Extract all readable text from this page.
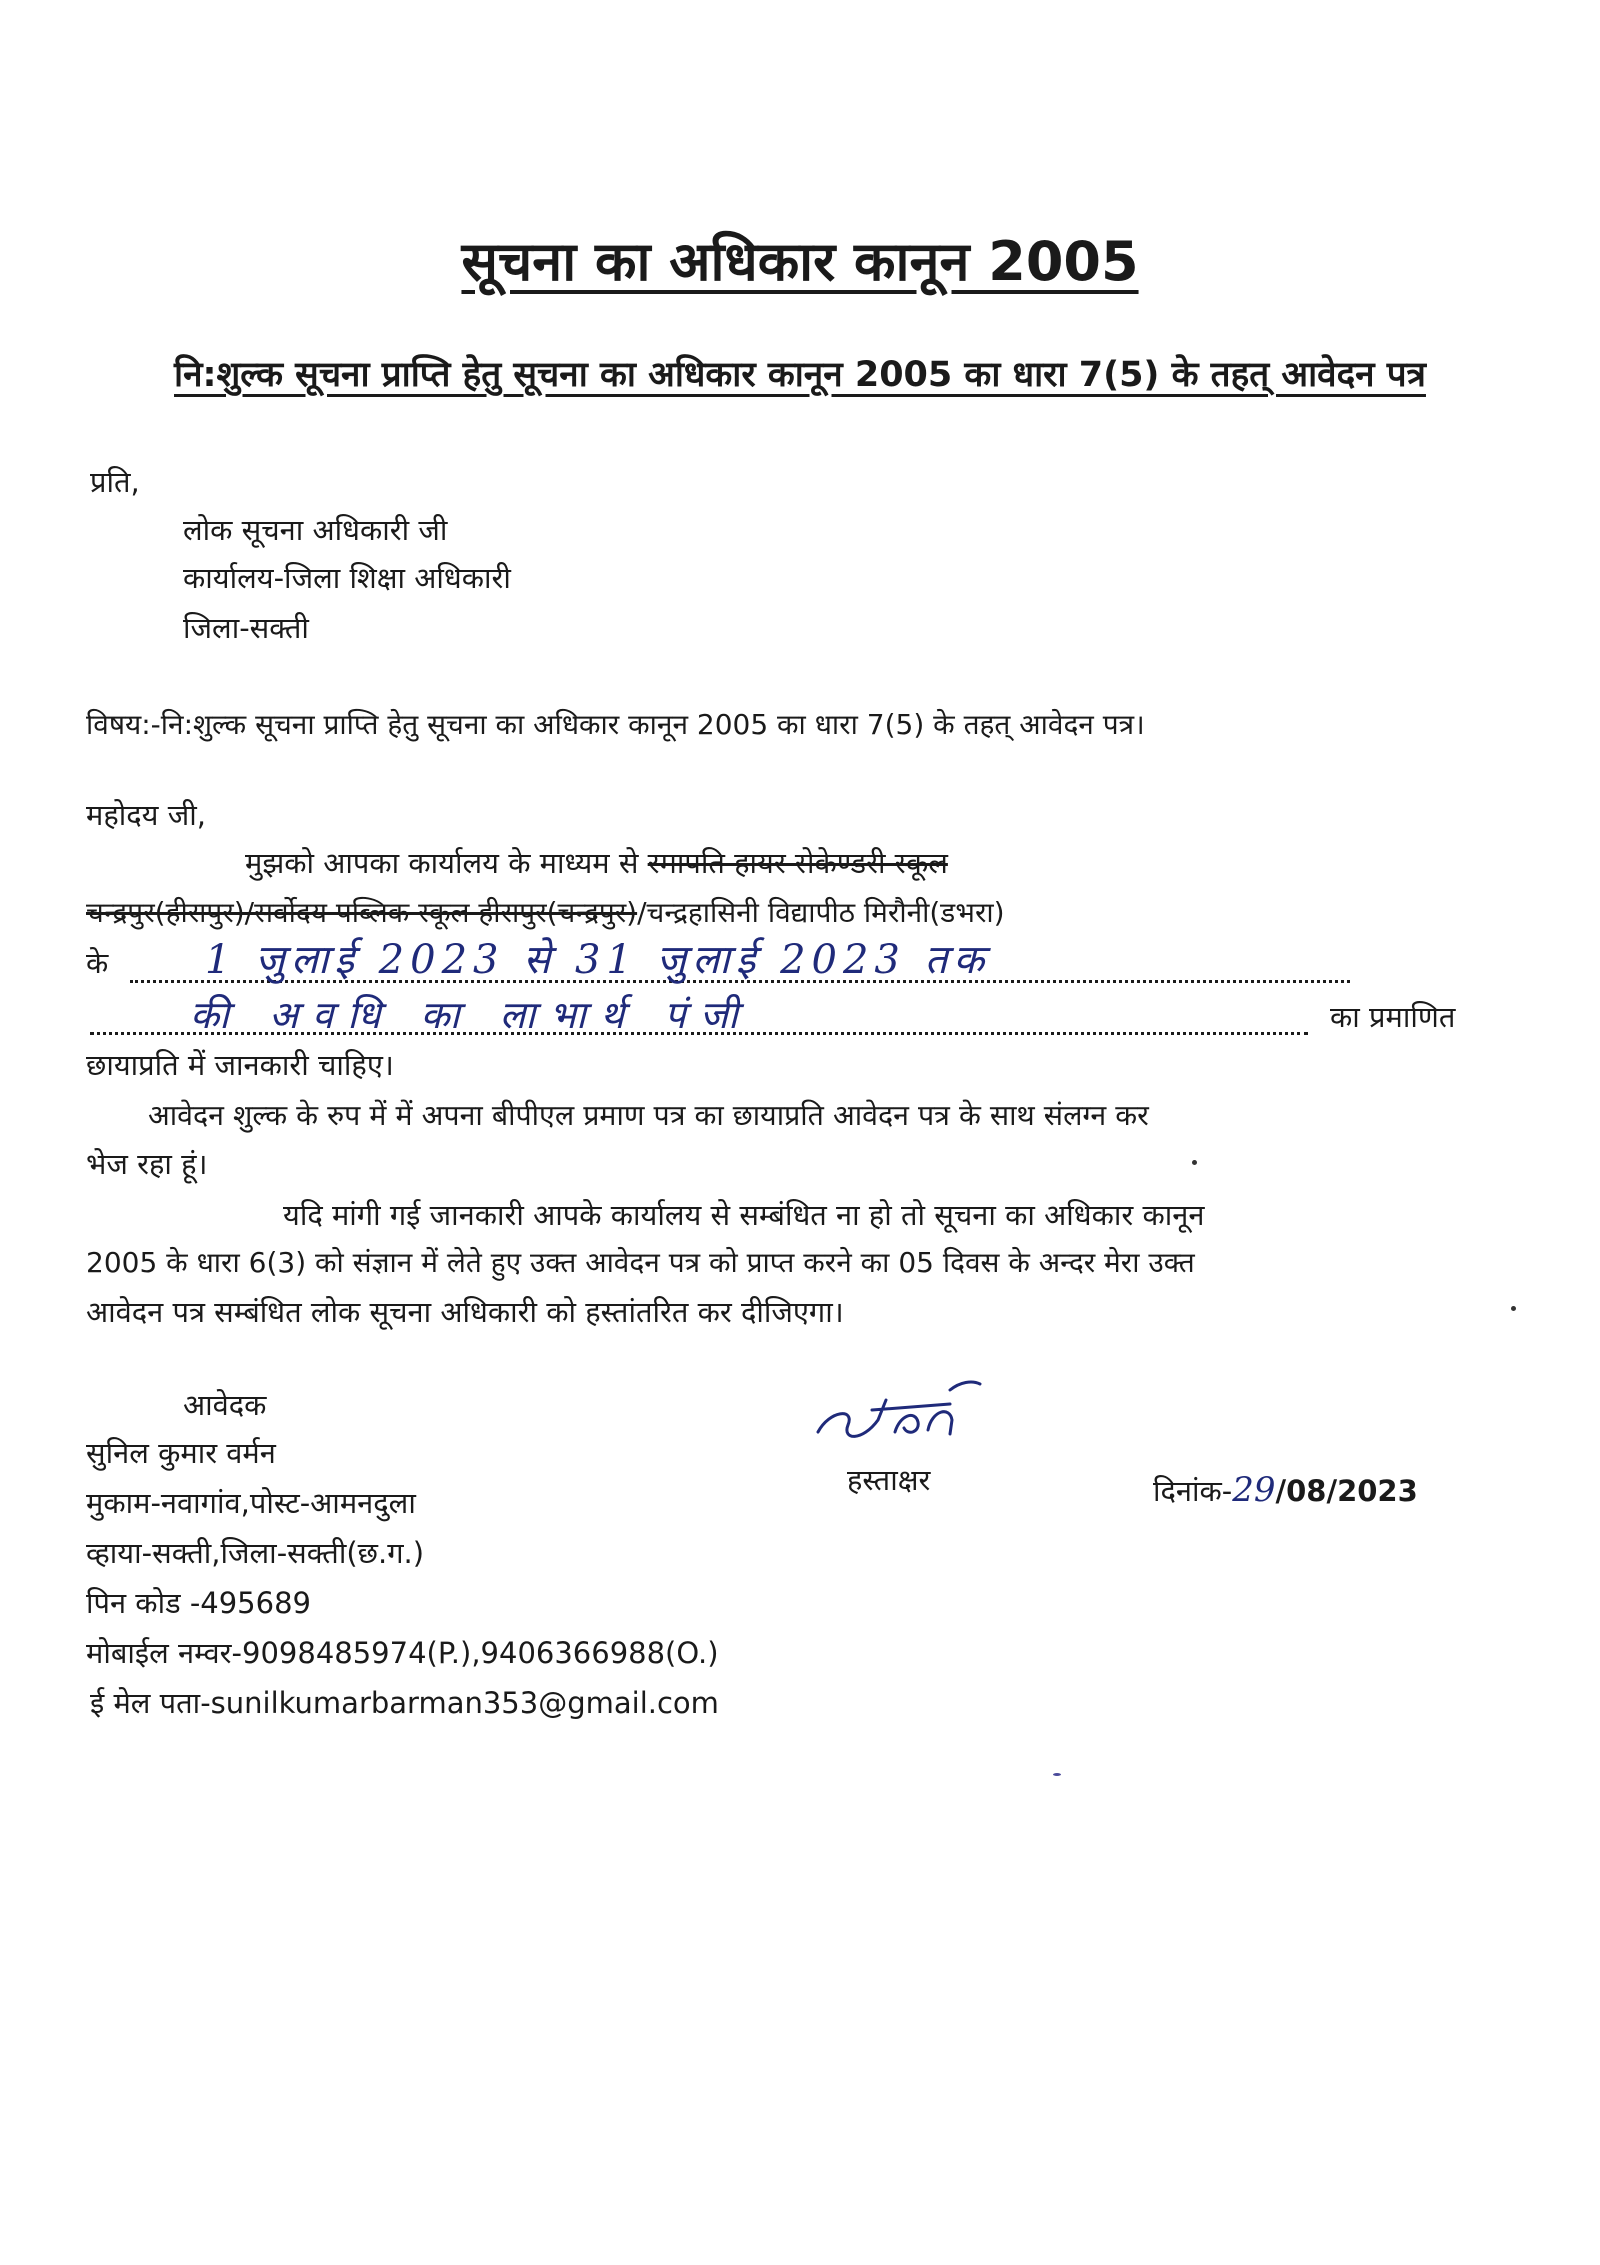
सूचना का अधिकार कानून 2005
नि:शुल्क सूचना प्राप्ति हेतु सूचना का अधिकार कानून 2005 का धारा 7(5) के तहत् आवेदन पत्र
प्रति,
लोक सूचना अधिकारी जी
कार्यालय-जिला शिक्षा अधिकारी
जिला-सक्ती
विषय:-नि:शुल्क सूचना प्राप्ति हेतु सूचना का अधिकार कानून 2005 का धारा 7(5) के तहत् आवेदन पत्र।
महोदय जी,
मुझको आपका कार्यालय के माध्यम से रमापति हायर सेकेण्डरी स्कूल
चन्द्रपुर(हीरापुर)/सर्वोदय पब्लिक स्कूल हीरापुर(चन्द्रपुर)/चन्द्रहासिनी विद्यापीठ मिरौनी(डभरा)
के 1 जुलाई 2023 से 31 जुलाई 2023 तक
की अवधि का लाभार्थ पंजी	का प्रमाणित
छायाप्रति में जानकारी चाहिए।
आवेदन शुल्क के रुप में में अपना बीपीएल प्रमाण पत्र का छायाप्रति आवेदन पत्र के साथ संलग्न कर
भेज रहा हूं।
यदि मांगी गई जानकारी आपके कार्यालय से सम्बंधित ना हो तो सूचना का अधिकार कानून
2005 के धारा 6(3) को संज्ञान में लेते हुए उक्त आवेदन पत्र को प्राप्त करने का 05 दिवस के अन्दर मेरा उक्त
आवेदन पत्र सम्बंधित लोक सूचना अधिकारी को हस्तांतरित कर दीजिएगा।
आवेदक
सुनिल कुमार वर्मन
मुकाम-नवागांव,पोस्ट-आमनदुला
व्हाया-सक्ती,जिला-सक्ती(छ.ग.)
पिन कोड -495689
मोबाईल नम्वर-9098485974(P.),9406366988(O.)
ई मेल पता-sunilkumarbarman353@gmail.com
हस्ताक्षर	दिनांक-29/08/2023
